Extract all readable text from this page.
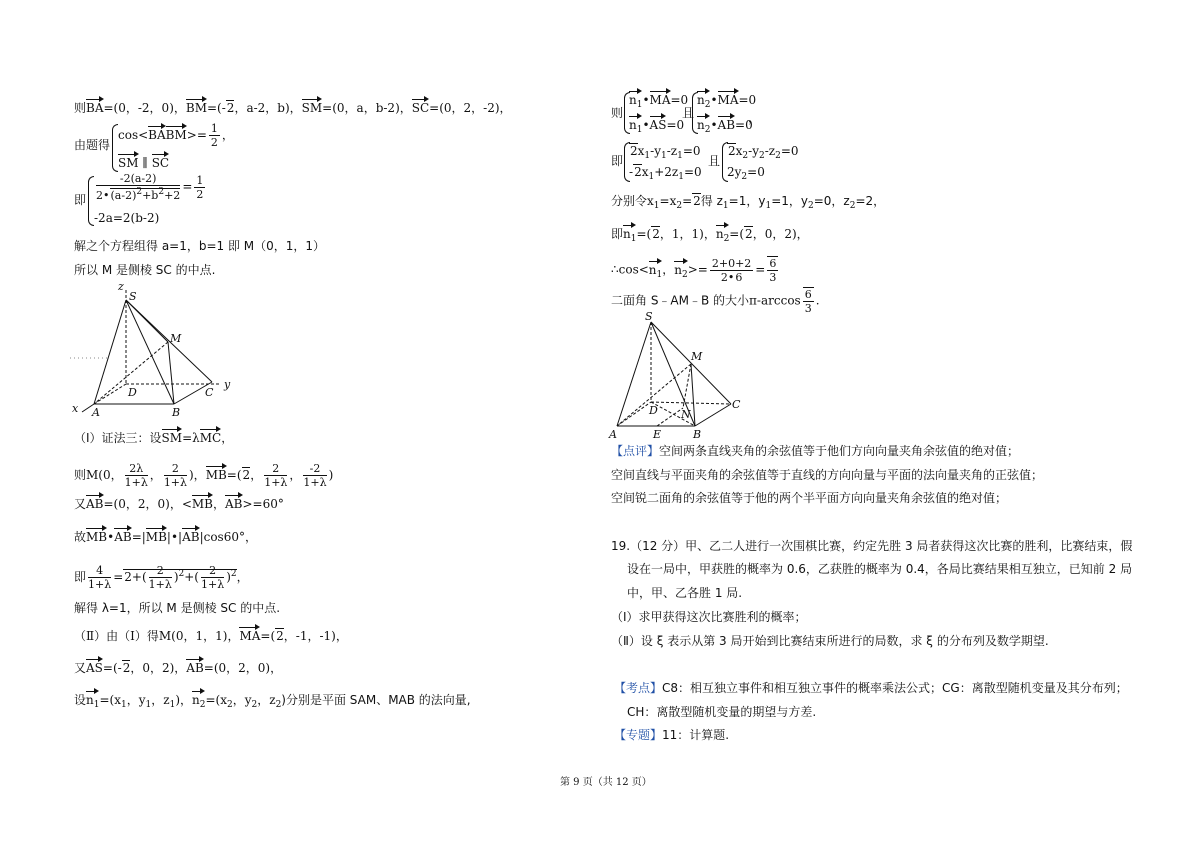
则BA=(0，-2，0)，BM=(-2，a-2，b)，SM=(0，a，b-2)，SC=(0，2，-2)，
由题得
cos<BABM>= $\frac{1}{2}$ ，
SM ∥ SC
即 $\frac{-2(a-2)}{2•(a-2)^2+b^2+2} = \frac{1}{2}$
-2a=2(b-2)
解之个方程组得 a=1，b=1 即 M（0，1，1）
所以 M 是侧棱 SC 的中点.
z
S
M
D	C
y
x A	B
（I）证法三：设SM=λMC，
则M(0， $\frac{2\lambda}{1+\lambda}$ ， $\frac{2}{1+\lambda}$ )，MB=(2， $\frac{2}{1+\lambda}$ ， $\frac{-2}{1+\lambda}$ )
又AB=(0，2，0)，<MB，AB>=60°
故MB•AB=|MB|•|AB|cos60°，
即 $\frac{4}{1+\lambda} =2+( \frac{2}{1+\lambda} )^2+( \frac{2}{1+\lambda} )^2$，
解得 λ=1，所以 M 是侧棱 SC 的中点.
（Ⅱ）由（Ⅰ）得M(0，1，1)，MA=(2，-1，-1)，
又AS=(-2，0，2)，AB=(0，2，0)，
设$n_1=(x_1$，$y_1$，$z_1$)，$n_2=(x_2$，$y_2$，$z_2$)分别是平面 SAM、MAB 的法向量,
则
$n_1•MA=0$
$n_1•AS=0$
且
$n_2•MA=0$
$n_2•AB=0$
，
即
$2x_1-y_1-z_1=0$
$-2x_1+2z_1=0$
且
$2x_2-y_2-z_2=0$
$2y_2=0$
分别令$x_1=x_2=2$得 $z_1=1$，$y_1=1$，$y_2=0$，$z_2=2$，
即$n_1=(2$，1，1)，$n_2=(2$，0，2)，
$\therefore\cos<n_1$，$n_2>= \frac{2+0+2}{2•6} = \frac{6}{3}$
二面角 S﹣AM﹣B 的大小$\pi-\arccos \frac{6}{3}$ .
S
M
D N
C
A	E	B
【点评】空间两条直线夹角的余弦值等于他们方向向量夹角余弦值的绝对值；
空间直线与平面夹角的余弦值等于直线的方向向量与平面的法向量夹角的正弦值；
空间锐二面角的余弦值等于他的两个半平面方向向量夹角余弦值的绝对值；
19.（12 分）甲、乙二人进行一次围棋比赛，约定先胜 3 局者获得这次比赛的胜利，比赛结束，假
设在一局中，甲获胜的概率为 0.6，乙获胜的概率为 0.4，各局比赛结果相互独立，已知前 2 局
中，甲、乙各胜 1 局.
（Ⅰ）求甲获得这次比赛胜利的概率；
（Ⅱ）设 ξ 表示从第 3 局开始到比赛结束所进行的局数，求 ξ 的分布列及数学期望.
【考点】C8：相互独立事件和相互独立事件的概率乘法公式；CG：离散型随机变量及其分布列；
CH：离散型随机变量的期望与方差.
【专题】11：计算题.
第 9 页（共 12 页）
